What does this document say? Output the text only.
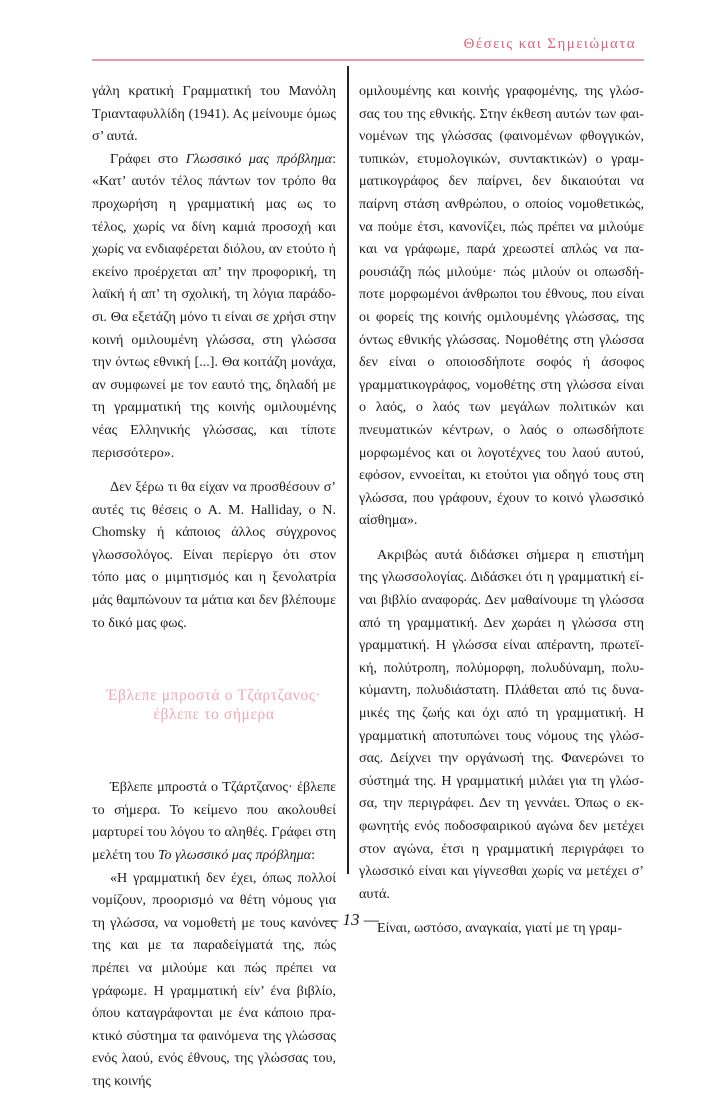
Θέσεις και Σημειώματα

γάλη κρατική Γραμματική του Μανόλη Τριανταφυλλίδη (1941). Ας μείνουμε όμως σ’ αυτά.

Γράφει στο Γλωσσικό μας πρόβλημα: «Κατ’ αυτόν τέλος πάντων τον τρόπο θα προχωρήση η γραμματική μας ως το τέλος, χωρίς να δίνη καμιά προσοχή και χωρίς να ενδιαφέρεται διόλου, αν ετούτο ή εκείνο προέρχεται απ’ την προφορική, τη λαϊκή ή απ’ τη σχολική, τη λόγια παράδοσι. Θα εξετάζη μόνο τι είναι σε χρήσι στην κοινή ομιλουμένη γλώσσα, στη γλώσσα την όντως εθνική [...]. Θα κοιτάζη μονάχα, αν συμφωνεί με τον εαυτό της, δηλαδή με τη γραμματική της κοινής ομιλουμένης νέας Ελληνικής γλώσσας, και τίποτε περισσότερο».

Δεν ξέρω τι θα είχαν να προσθέσουν σ’ αυτές τις θέσεις ο A. M. Halliday, ο N. Chomsky ή κάποιος άλλος σύγχρονος γλωσσολόγος. Είναι περίεργο ότι στον τόπο μας ο μιμητισμός και η ξενολατρία μάς θαμπώνουν τα μάτια και δεν βλέπουμε το δικό μας φως.

Έβλεπε μπροστά ο Τζάρτζανος·
έβλεπε το σήμερα

Έβλεπε μπροστά ο Τζάρτζανος· έβλεπε το σήμερα. Το κείμενο που ακολουθεί μαρτυρεί του λόγου το αληθές. Γράφει στη μελέτη του Το γλωσσικό μας πρόβλημα:

«Η γραμματική δεν έχει, όπως πολλοί νομίζουν, προορισμό να θέτη νόμους για τη γλώσσα, να νομοθετή με τους κανόνες της και με τα παραδείγματά της, πώς πρέπει να μιλούμε και πώς πρέπει να γράφωμε. Η γραμματική είν’ ένα βιβλίο, όπου καταγράφονται με ένα κάποιο πρακτικό σύστημα τα φαινόμενα της γλώσσας ενός λαού, ενός έθνους, της γλώσσας του, της κοινής

ομιλουμένης και κοινής γραφομένης, της γλώσσας του της εθνικής. Στην έκθεση αυτών των φαινομένων της γλώσσας (φαινομένων φθογγικών, τυπικών, ετυμολογικών, συντακτικών) ο γραμματικογράφος δεν παίρνει, δεν δικαιούται να παίρνη στάση ανθρώπου, ο οποίος νομοθετικώς, να πούμε έτσι, κανονίζει, πώς πρέπει να μιλούμε και να γράφωμε, παρά χρεωστεί απλώς να παρουσιάζη πώς μιλούμε· πώς μιλούν οι οπωσδήποτε μορφωμένοι άνθρωποι του έθνους, που είναι οι φορείς της κοινής ομιλουμένης γλώσσας, της όντως εθνικής γλώσσας. Νομοθέτης στη γλώσσα δεν είναι ο οποιοσδήποτε σοφός ή άσοφος γραμματικογράφος, νομοθέτης στη γλώσσα είναι ο λαός, ο λαός των μεγάλων πολιτικών και πνευματικών κέντρων, ο λαός ο οπωσδήποτε μορφωμένος και οι λογοτέχνες του λαού αυτού, εφόσον, εννοείται, κι ετούτοι για οδηγό τους στη γλώσσα, που γράφουν, έχουν το κοινό γλωσσικό αίσθημα».

Ακριβώς αυτά διδάσκει σήμερα η επιστήμη της γλωσσολογίας. Διδάσκει ότι η γραμματική είναι βιβλίο αναφοράς. Δεν μαθαίνουμε τη γλώσσα από τη γραμματική. Δεν χωράει η γλώσσα στη γραμματική. Η γλώσσα είναι απέραντη, πρωτεϊκή, πολύτροπη, πολύμορφη, πολυδύναμη, πολυκύμαντη, πολυδιάστατη. Πλάθεται από τις δυναμικές της ζωής και όχι από τη γραμματική. Η γραμματική αποτυπώνει τους νόμους της γλώσσας. Δείχνει την οργάνωσή της. Φανερώνει το σύστημά της. Η γραμματική μιλάει για τη γλώσσα, την περιγράφει. Δεν τη γεννάει. Όπως ο εκφωνητής ενός ποδοσφαιρικού αγώνα δεν μετέχει στον αγώνα, έτσι η γραμματική περιγράφει το γλωσσικό είναι και γίγνεσθαι χωρίς να μετέχει σ’ αυτά.

Είναι, ωστόσο, αναγκαία, γιατί με τη γραμ-

— 13 —
